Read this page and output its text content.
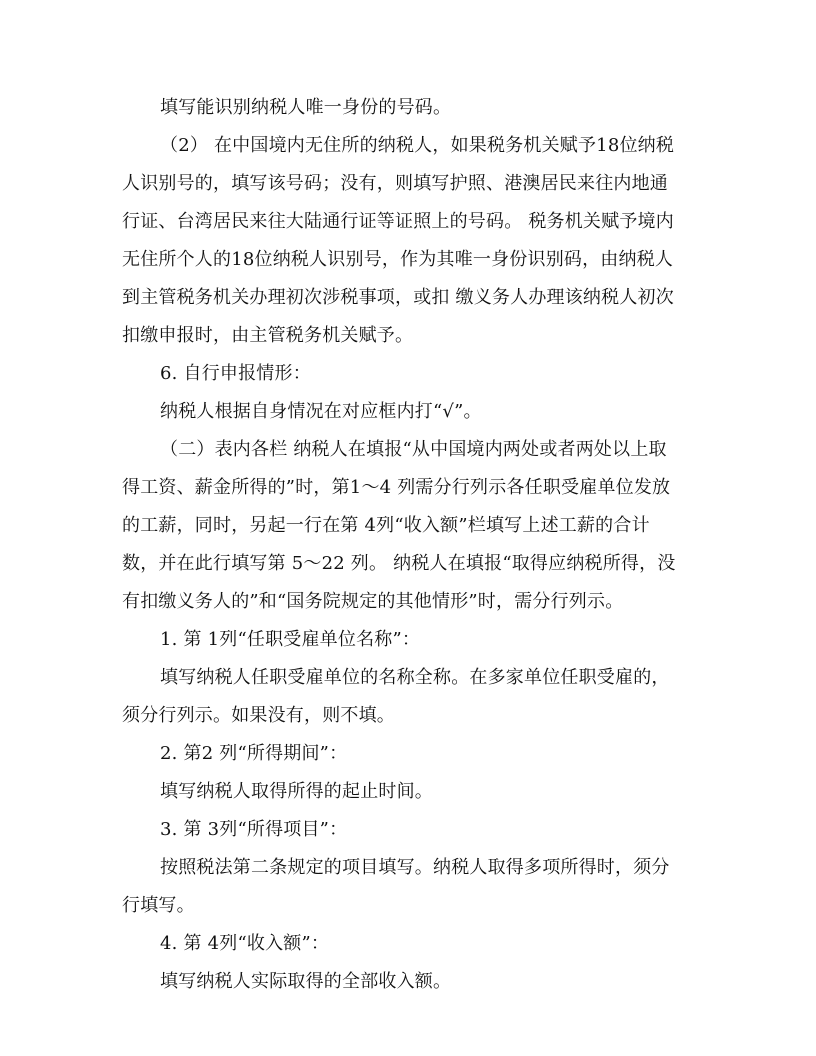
填写能识别纳税人唯一身份的号码。
（2） 在中国境内无住所的纳税人，如果税务机关赋予18位纳税
人识别号的，填写该号码；没有，则填写护照、港澳居民来往内地通
行证、台湾居民来往大陆通行证等证照上的号码。 税务机关赋予境内
无住所个人的18位纳税人识别号，作为其唯一身份识别码，由纳税人
到主管税务机关办理初次涉税事项，或扣 缴义务人办理该纳税人初次
扣缴申报时，由主管税务机关赋予。
6. 自行申报情形：
纳税人根据自身情况在对应框内打“√”。
（二）表内各栏 纳税人在填报“从中国境内两处或者两处以上取
得工资、薪金所得的”时，第1～4 列需分行列示各任职受雇单位发放
的工薪，同时，另起一行在第 4列“收入额”栏填写上述工薪的合计
数，并在此行填写第 5～22 列。 纳税人在填报“取得应纳税所得，没
有扣缴义务人的”和“国务院规定的其他情形”时，需分行列示。
1. 第 1列“任职受雇单位名称”：
填写纳税人任职受雇单位的名称全称。在多家单位任职受雇的，
须分行列示。如果没有，则不填。
2. 第2 列“所得期间”：
填写纳税人取得所得的起止时间。
3. 第 3列“所得项目”：
按照税法第二条规定的项目填写。纳税人取得多项所得时，须分
行填写。
4. 第 4列“收入额”：
填写纳税人实际取得的全部收入额。
